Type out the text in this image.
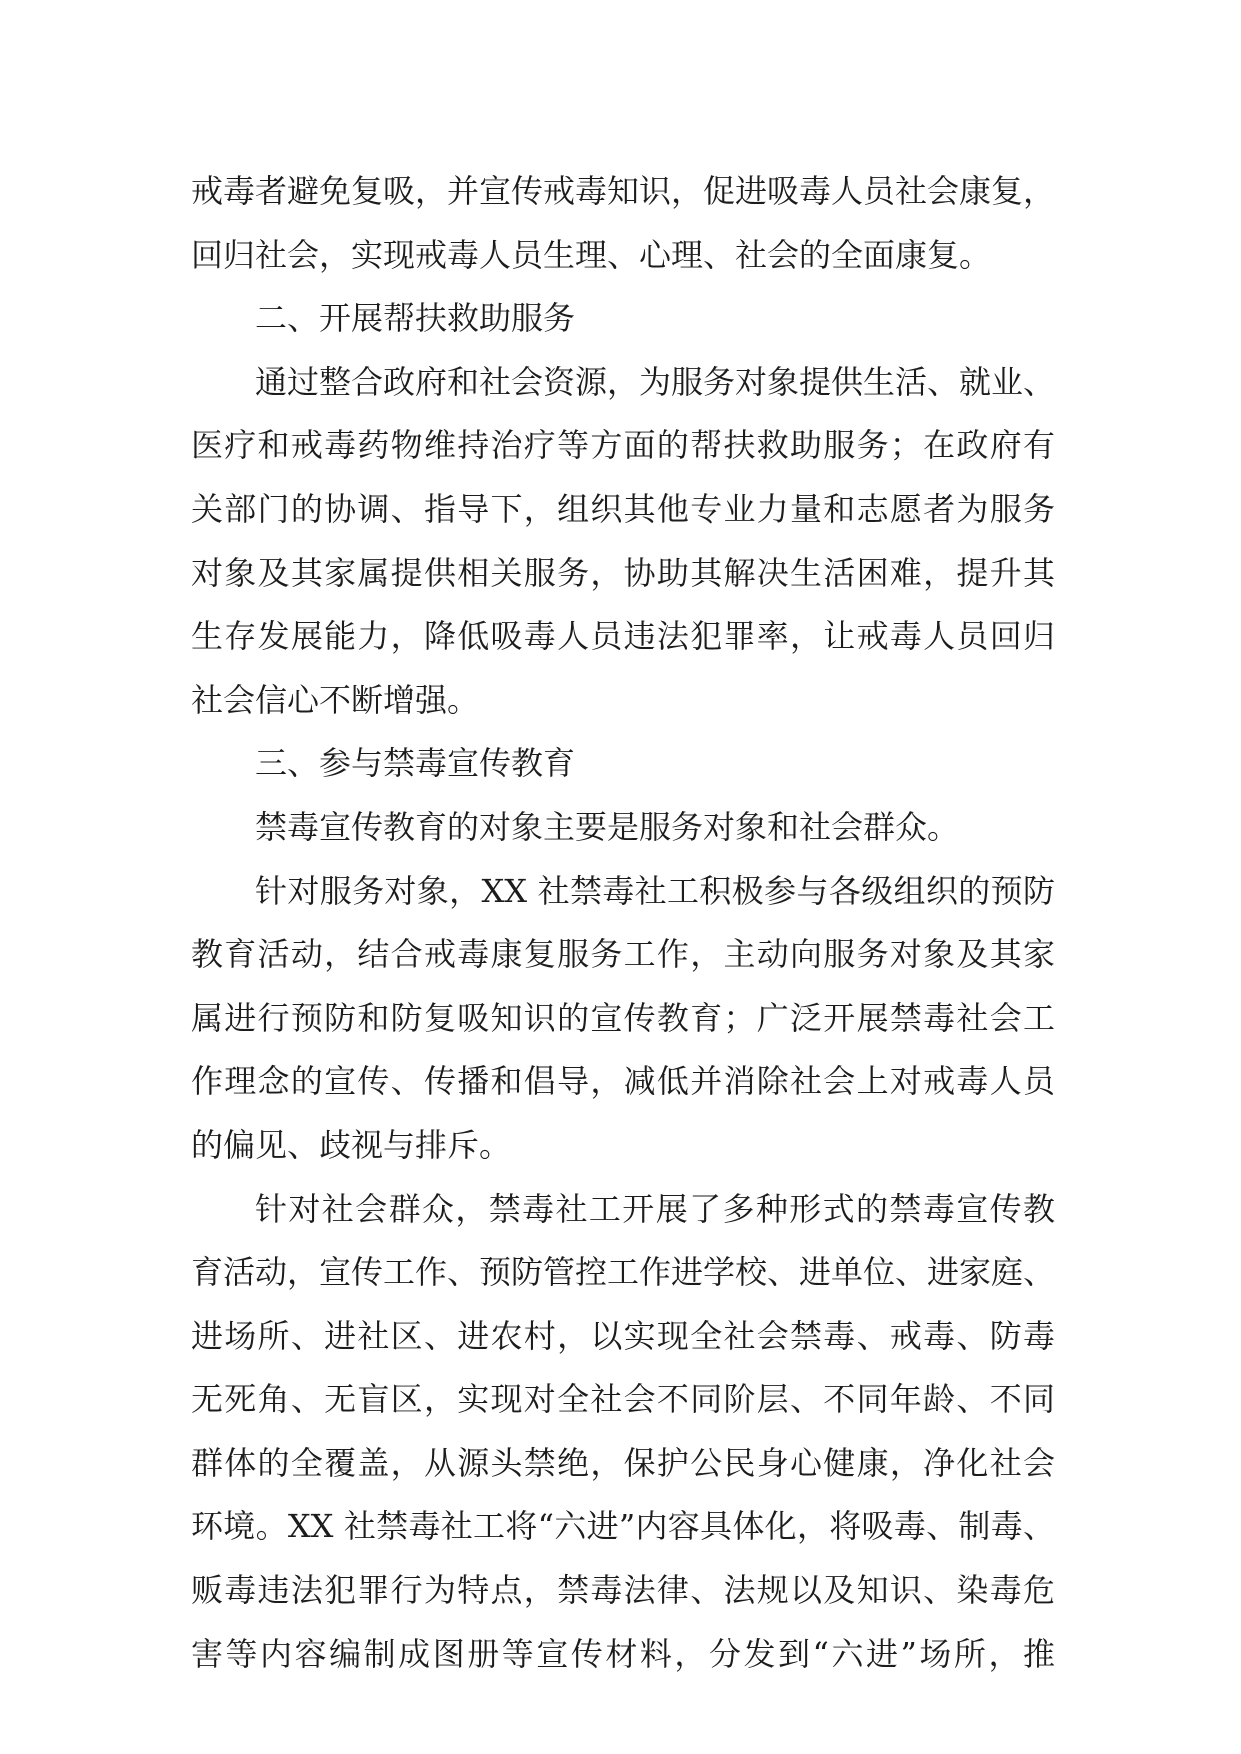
戒毒者避免复吸，并宣传戒毒知识，促进吸毒人员社会康复，
回归社会，实现戒毒人员生理、心理、社会的全面康复。
二、开展帮扶救助服务
通过整合政府和社会资源，为服务对象提供生活、就业、
医疗和戒毒药物维持治疗等方面的帮扶救助服务；在政府有
关部门的协调、指导下，组织其他专业力量和志愿者为服务
对象及其家属提供相关服务，协助其解决生活困难，提升其
生存发展能力，降低吸毒人员违法犯罪率，让戒毒人员回归
社会信心不断增强。
三、参与禁毒宣传教育
禁毒宣传教育的对象主要是服务对象和社会群众。
针对服务对象，XX 社禁毒社工积极参与各级组织的预防
教育活动，结合戒毒康复服务工作，主动向服务对象及其家
属进行预防和防复吸知识的宣传教育；广泛开展禁毒社会工
作理念的宣传、传播和倡导，减低并消除社会上对戒毒人员
的偏见、歧视与排斥。
针对社会群众，禁毒社工开展了多种形式的禁毒宣传教
育活动，宣传工作、预防管控工作进学校、进单位、进家庭、
进场所、进社区、进农村，以实现全社会禁毒、戒毒、防毒
无死角、无盲区，实现对全社会不同阶层、不同年龄、不同
群体的全覆盖，从源头禁绝，保护公民身心健康，净化社会
环境。XX 社禁毒社工将“六进”内容具体化，将吸毒、制毒、
贩毒违法犯罪行为特点，禁毒法律、法规以及知识、染毒危
害等内容编制成图册等宣传材料，分发到“六进”场所，推
